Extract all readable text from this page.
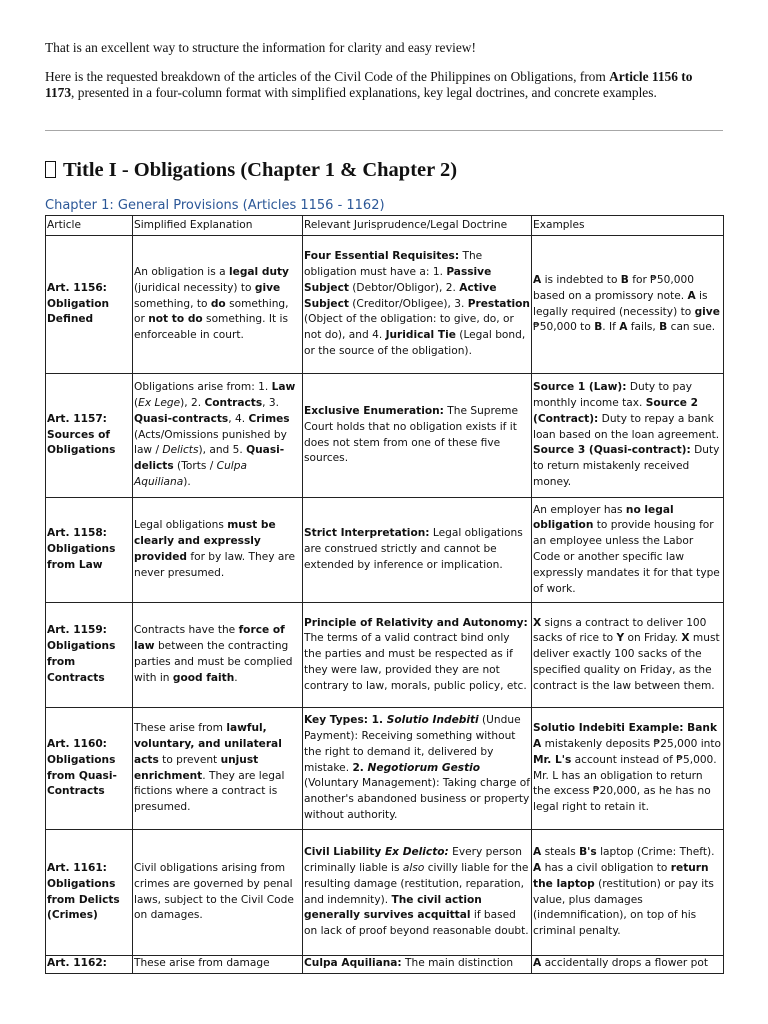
That is an excellent way to structure the information for clarity and easy review!

Here is the requested breakdown of the articles of the Civil Code of the Philippines on Obligations, from Article 1156 to 1173, presented in a four-column format with simplified explanations, key legal doctrines, and concrete examples.

Title I - Obligations (Chapter 1 & Chapter 2)
Chapter 1: General Provisions (Articles 1156 - 1162)
Article	Simplified Explanation	Relevant Jurisprudence/Legal Doctrine	Examples
Art. 1156: Obligation Defined	An obligation is a legal duty (juridical necessity) to give something, to do something, or not to do something. It is enforceable in court.	Four Essential Requisites: The obligation must have a: 1. Passive Subject (Debtor/Obligor), 2. Active Subject (Creditor/Obligee), 3. Prestation (Object of the obligation: to give, do, or not do), and 4. Juridical Tie (Legal bond, or the source of the obligation).	A is indebted to B for ₱50,000 based on a promissory note. A is legally required (necessity) to give ₱50,000 to B. If A fails, B can sue.
Art. 1157: Sources of Obligations	Obligations arise from: 1. Law (Ex Lege), 2. Contracts, 3. Quasi-contracts, 4. Crimes (Acts/Omissions punished by law / Delicts), and 5. Quasi-delicts (Torts / Culpa Aquiliana).	Exclusive Enumeration: The Supreme Court holds that no obligation exists if it does not stem from one of these five sources.	Source 1 (Law): Duty to pay monthly income tax. Source 2 (Contract): Duty to repay a bank loan based on the loan agreement. Source 3 (Quasi-contract): Duty to return mistakenly received money.
Art. 1158: Obligations from Law	Legal obligations must be clearly and expressly provided for by law. They are never presumed.	Strict Interpretation: Legal obligations are construed strictly and cannot be extended by inference or implication.	An employer has no legal obligation to provide housing for an employee unless the Labor Code or another specific law expressly mandates it for that type of work.
Art. 1159: Obligations from Contracts	Contracts have the force of law between the contracting parties and must be complied with in good faith.	Principle of Relativity and Autonomy: The terms of a valid contract bind only the parties and must be respected as if they were law, provided they are not contrary to law, morals, public policy, etc.	X signs a contract to deliver 100 sacks of rice to Y on Friday. X must deliver exactly 100 sacks of the specified quality on Friday, as the contract is the law between them.
Art. 1160: Obligations from Quasi-Contracts	These arise from lawful, voluntary, and unilateral acts to prevent unjust enrichment. They are legal fictions where a contract is presumed.	Key Types: 1. Solutio Indebiti (Undue Payment): Receiving something without the right to demand it, delivered by mistake. 2. Negotiorum Gestio (Voluntary Management): Taking charge of another's abandoned business or property without authority.	Solutio Indebiti Example: Bank A mistakenly deposits ₱25,000 into Mr. L's account instead of ₱5,000. Mr. L has an obligation to return the excess ₱20,000, as he has no legal right to retain it.
Art. 1161: Obligations from Delicts (Crimes)	Civil obligations arising from crimes are governed by penal laws, subject to the Civil Code on damages.	Civil Liability Ex Delicto: Every person criminally liable is also civilly liable for the resulting damage (restitution, reparation, and indemnity). The civil action generally survives acquittal if based on lack of proof beyond reasonable doubt.	A steals B's laptop (Crime: Theft). A has a civil obligation to return the laptop (restitution) or pay its value, plus damages (indemnification), on top of his criminal penalty.

Art. 1162:	These arise from damage	Culpa Aquiliana: The main distinction	A accidentally drops a flower pot
